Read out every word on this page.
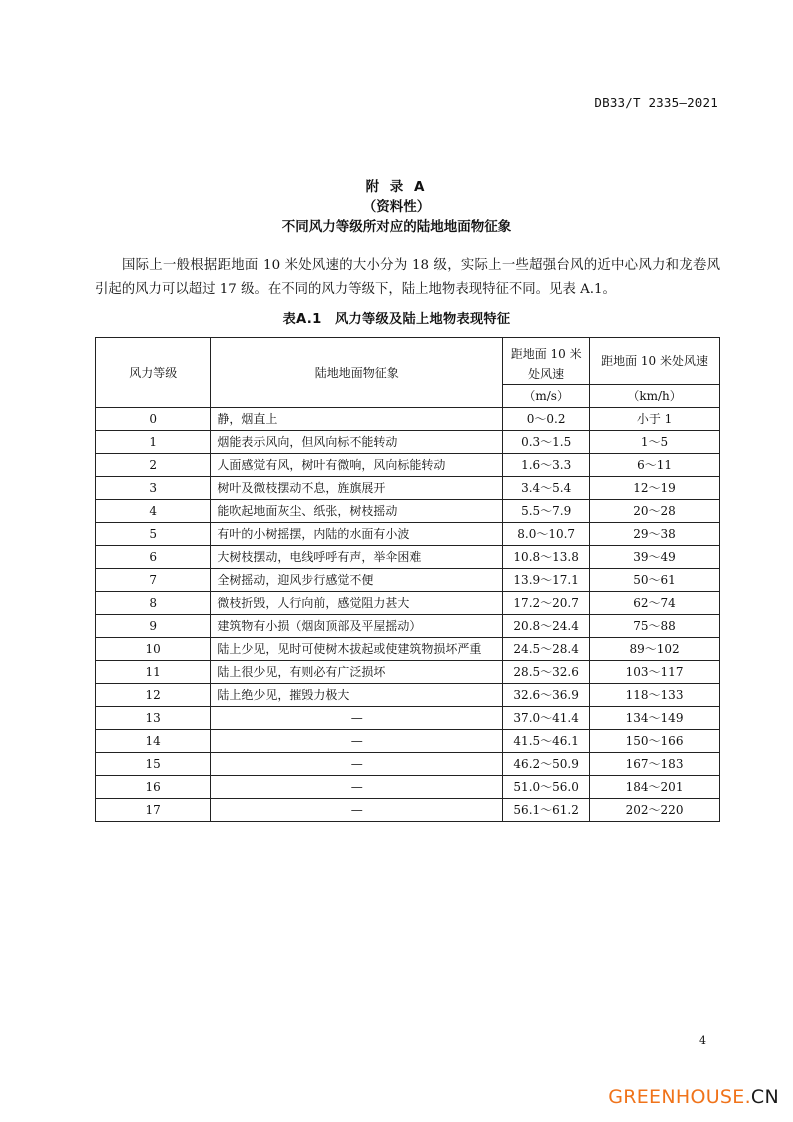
DB33/T 2335—2021
附 录 A
（资料性）
不同风力等级所对应的陆地地面物征象

国际上一般根据距地面 10 米处风速的大小分为 18 级，实际上一些超强台风的近中心风力和龙卷风引起的风力可以超过 17 级。在不同的风力等级下，陆上地物表现特征不同。见表 A.1。

表A.1　风力等级及陆上地物表现特征
风力等级	陆地地面物征象	距地面 10 米处风速	距地面 10 米处风速
		（m/s）	（km/h）
0	静，烟直上	0～0.2	小于 1
1	烟能表示风向，但风向标不能转动	0.3～1.5	1～5
2	人面感觉有风，树叶有微响，风向标能转动	1.6～3.3	6～11
3	树叶及微枝摆动不息，旌旗展开	3.4～5.4	12～19
4	能吹起地面灰尘、纸张，树枝摇动	5.5～7.9	20～28
5	有叶的小树摇摆，内陆的水面有小波	8.0～10.7	29～38
6	大树枝摆动，电线呼呼有声，举伞困难	10.8～13.8	39～49
7	全树摇动，迎风步行感觉不便	13.9～17.1	50～61
8	微枝折毁，人行向前，感觉阻力甚大	17.2～20.7	62～74
9	建筑物有小损（烟囱顶部及平屋摇动）	20.8～24.4	75～88
10	陆上少见，见时可使树木拔起或使建筑物损坏严重	24.5～28.4	89～102
11	陆上很少见，有则必有广泛损坏	28.5～32.6	103～117
12	陆上绝少见，摧毁力极大	32.6～36.9	118～133
13	—	37.0～41.4	134～149
14	—	41.5～46.1	150～166
15	—	46.2～50.9	167～183
16	—	51.0～56.0	184～201
17	—	56.1～61.2	202～220
4
GREENHOUSE.CN
